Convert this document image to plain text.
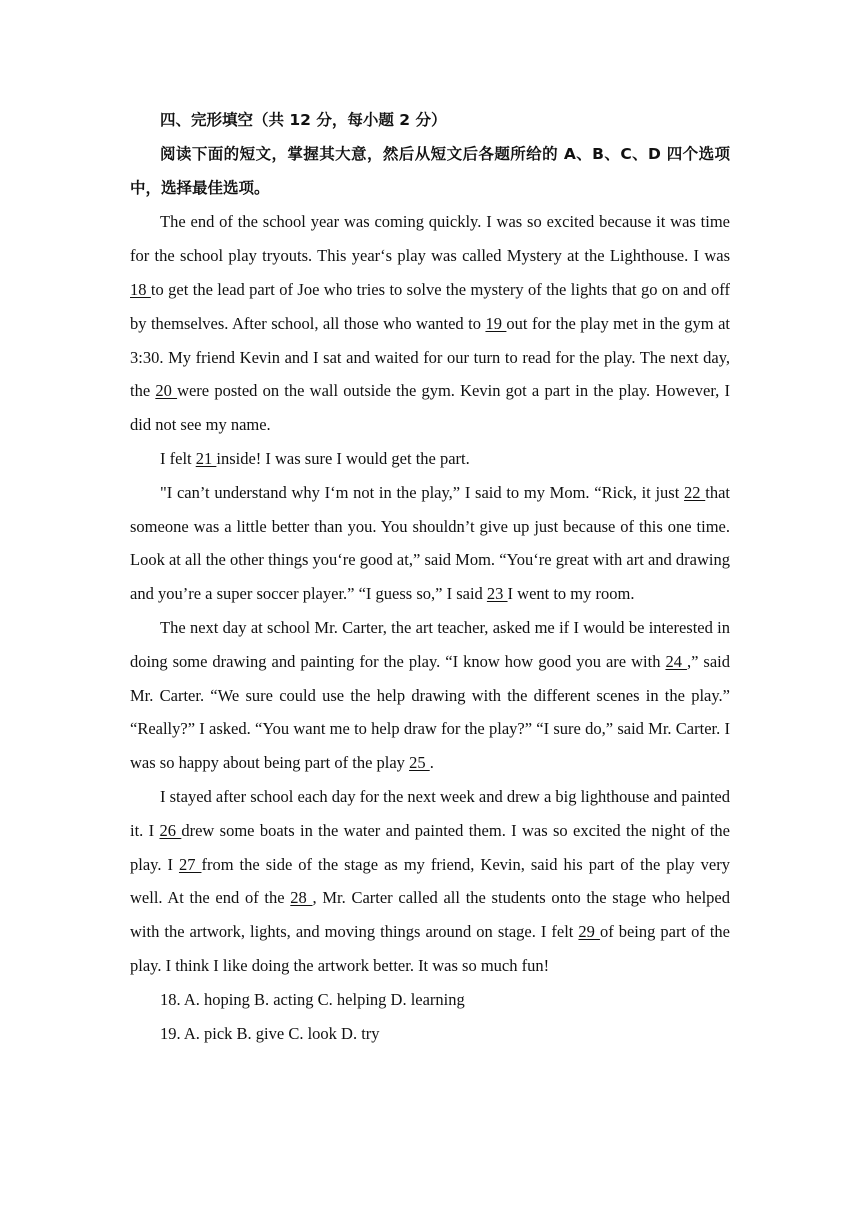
四、完形填空（共 12 分，每小题 2 分）

阅读下面的短文，掌握其大意，然后从短文后各题所给的 A、B、C、D 四个选项中，选择最佳选项。

The end of the school year was coming quickly. I was so excited because it was time for the school play tryouts. This year‘s play was called Mystery at the Lighthouse. I was 18 to get the lead part of Joe who tries to solve the mystery of the lights that go on and off by themselves. After school, all those who wanted to 19 out for the play met in the gym at 3:30. My friend Kevin and I sat and waited for our turn to read for the play. The next day, the 20 were posted on the wall outside the gym. Kevin got a part in the play. However, I did not see my name.

I felt 21 inside! I was sure I would get the part.

"I can’t understand why I‘m not in the play,” I said to my Mom. “Rick, it just 22 that someone was a little better than you. You shouldn’t give up just because of this one time. Look at all the other things you‘re good at,” said Mom. “You‘re great with art and drawing and you’re a super soccer player.” “I guess so,” I said 23 I went to my room.

The next day at school Mr. Carter, the art teacher, asked me if I would be interested in doing some drawing and painting for the play. “I know how good you are with 24 ,” said Mr. Carter. “We sure could use the help drawing with the different scenes in the play.” “Really?” I asked. “You want me to help draw for the play?” “I sure do,” said Mr. Carter. I was so happy about being part of the play 25 .

I stayed after school each day for the next week and drew a big lighthouse and painted it. I 26 drew some boats in the water and painted them. I was so excited the night of the play. I 27 from the side of the stage as my friend, Kevin, said his part of the play very well. At the end of the 28 , Mr. Carter called all the students onto the stage who helped with the artwork, lights, and moving things around on stage. I felt 29 of being part of the play. I think I like doing the artwork better. It was so much fun!

18. A. hoping B. acting C. helping D. learning

19. A. pick B. give C. look D. try
